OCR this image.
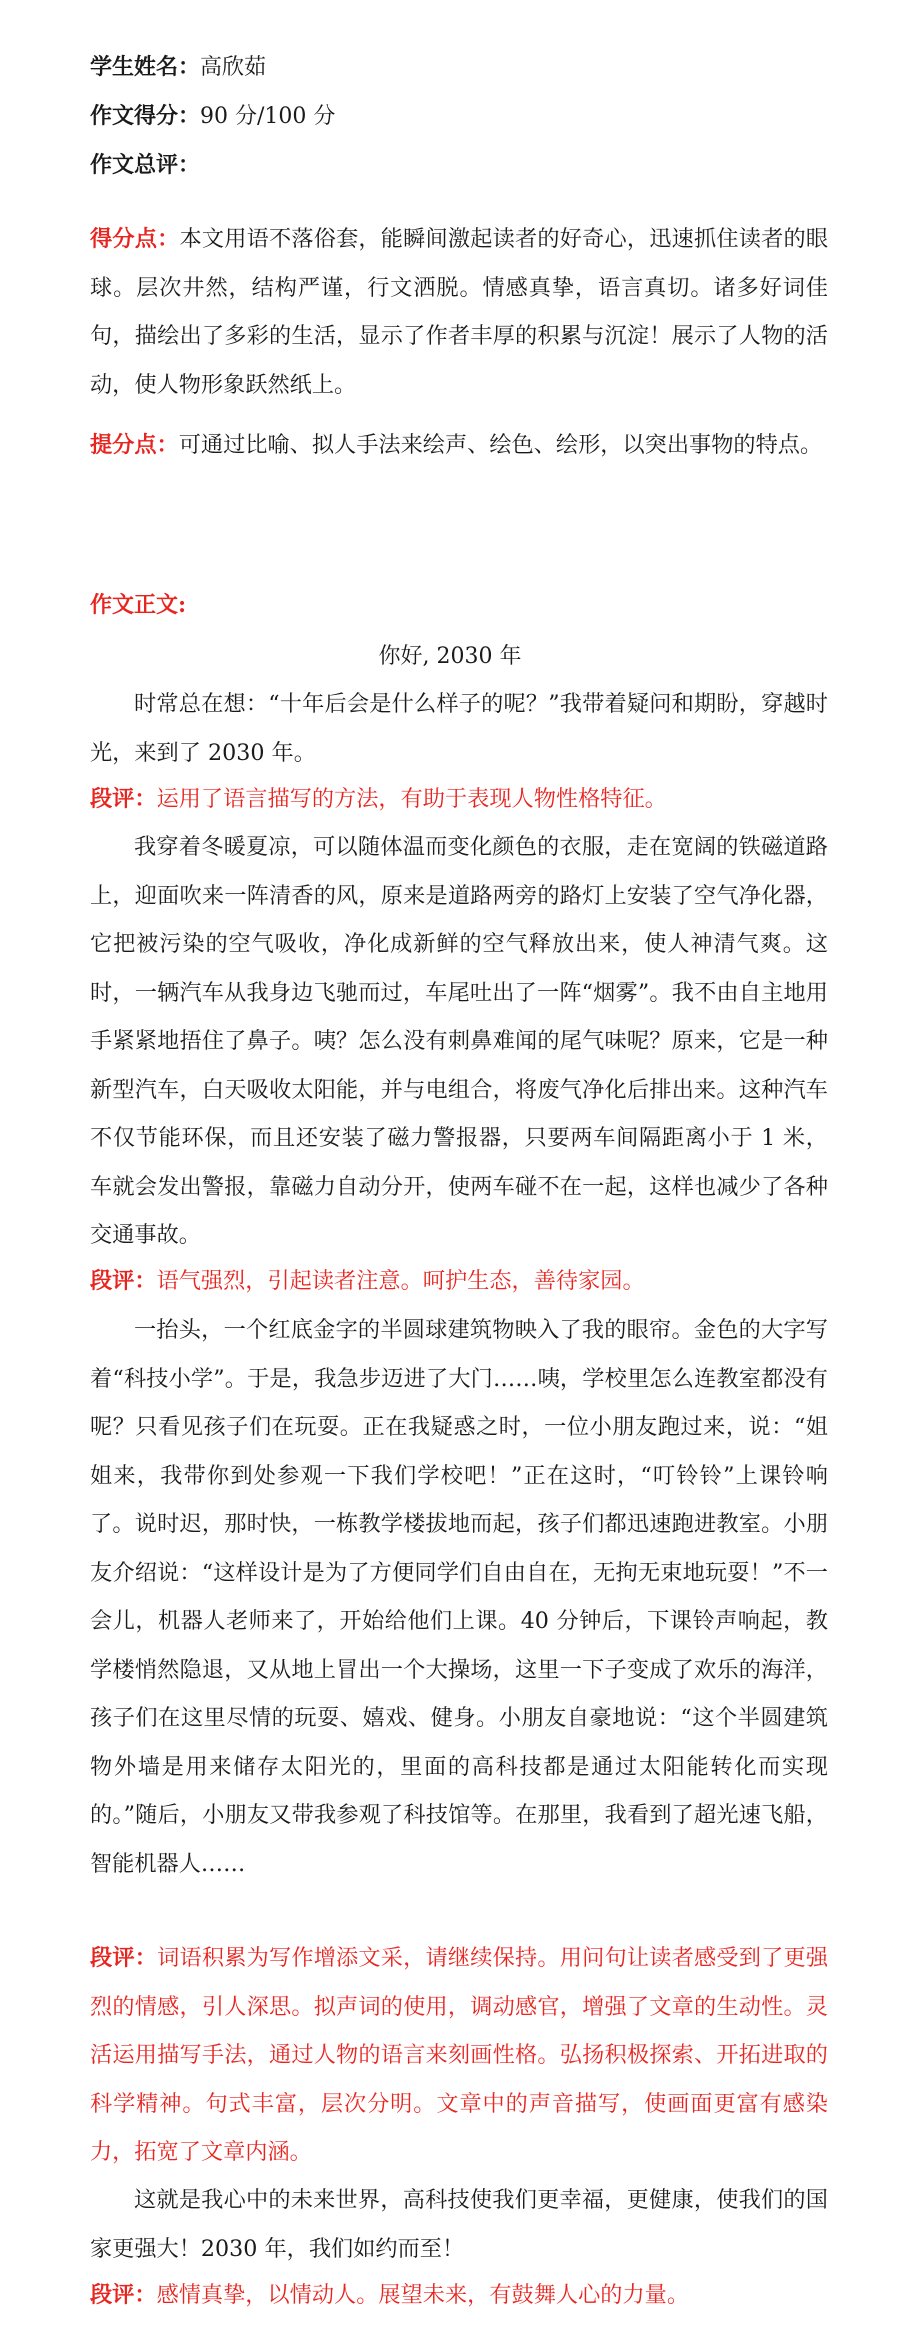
学生姓名：高欣茹
作文得分：90 分/100 分
作文总评：

得分点：本文用语不落俗套，能瞬间激起读者的好奇心，迅速抓住读者的眼球。层次井然，结构严谨，行文洒脱。情感真挚，语言真切。诸多好词佳句，描绘出了多彩的生活，显示了作者丰厚的积累与沉淀！展示了人物的活动，使人物形象跃然纸上。

提分点：可通过比喻、拟人手法来绘声、绘色、绘形，以突出事物的特点。

作文正文:
你好, 2030 年

时常总在想：“十年后会是什么样子的呢？”我带着疑问和期盼，穿越时光，来到了 2030 年。

段评：运用了语言描写的方法，有助于表现人物性格特征。

我穿着冬暖夏凉，可以随体温而变化颜色的衣服，走在宽阔的铁磁道路上，迎面吹来一阵清香的风，原来是道路两旁的路灯上安装了空气净化器，它把被污染的空气吸收，净化成新鲜的空气释放出来，使人神清气爽。这时，一辆汽车从我身边飞驰而过，车尾吐出了一阵“烟雾”。我不由自主地用手紧紧地捂住了鼻子。咦？怎么没有刺鼻难闻的尾气味呢？原来，它是一种新型汽车，白天吸收太阳能，并与电组合，将废气净化后排出来。这种汽车不仅节能环保，而且还安装了磁力警报器，只要两车间隔距离小于 1 米，车就会发出警报，靠磁力自动分开，使两车碰不在一起，这样也减少了各种交通事故。

段评：语气强烈，引起读者注意。呵护生态，善待家园。

一抬头，一个红底金字的半圆球建筑物映入了我的眼帘。金色的大字写着“科技小学”。于是，我急步迈进了大门……咦，学校里怎么连教室都没有呢？只看见孩子们在玩耍。正在我疑惑之时，一位小朋友跑过来，说：“姐姐来，我带你到处参观一下我们学校吧！”正在这时，“叮铃铃”上课铃响了。说时迟，那时快，一栋教学楼拔地而起，孩子们都迅速跑进教室。小朋友介绍说：“这样设计是为了方便同学们自由自在，无拘无束地玩耍！”不一会儿，机器人老师来了，开始给他们上课。40 分钟后，下课铃声响起，教学楼悄然隐退，又从地上冒出一个大操场，这里一下子变成了欢乐的海洋，孩子们在这里尽情的玩耍、嬉戏、健身。小朋友自豪地说：“这个半圆建筑物外墙是用来储存太阳光的，里面的高科技都是通过太阳能转化而实现的。”随后，小朋友又带我参观了科技馆等。在那里，我看到了超光速飞船，智能机器人……

段评：词语积累为写作增添文采，请继续保持。用问句让读者感受到了更强烈的情感，引人深思。拟声词的使用，调动感官，增强了文章的生动性。灵活运用描写手法，通过人物的语言来刻画性格。弘扬积极探索、开拓进取的科学精神。句式丰富，层次分明。文章中的声音描写，使画面更富有感染力，拓宽了文章内涵。

这就是我心中的未来世界，高科技使我们更幸福，更健康，使我们的国家更强大！2030 年，我们如约而至！

段评：感情真挚，以情动人。展望未来，有鼓舞人心的力量。
